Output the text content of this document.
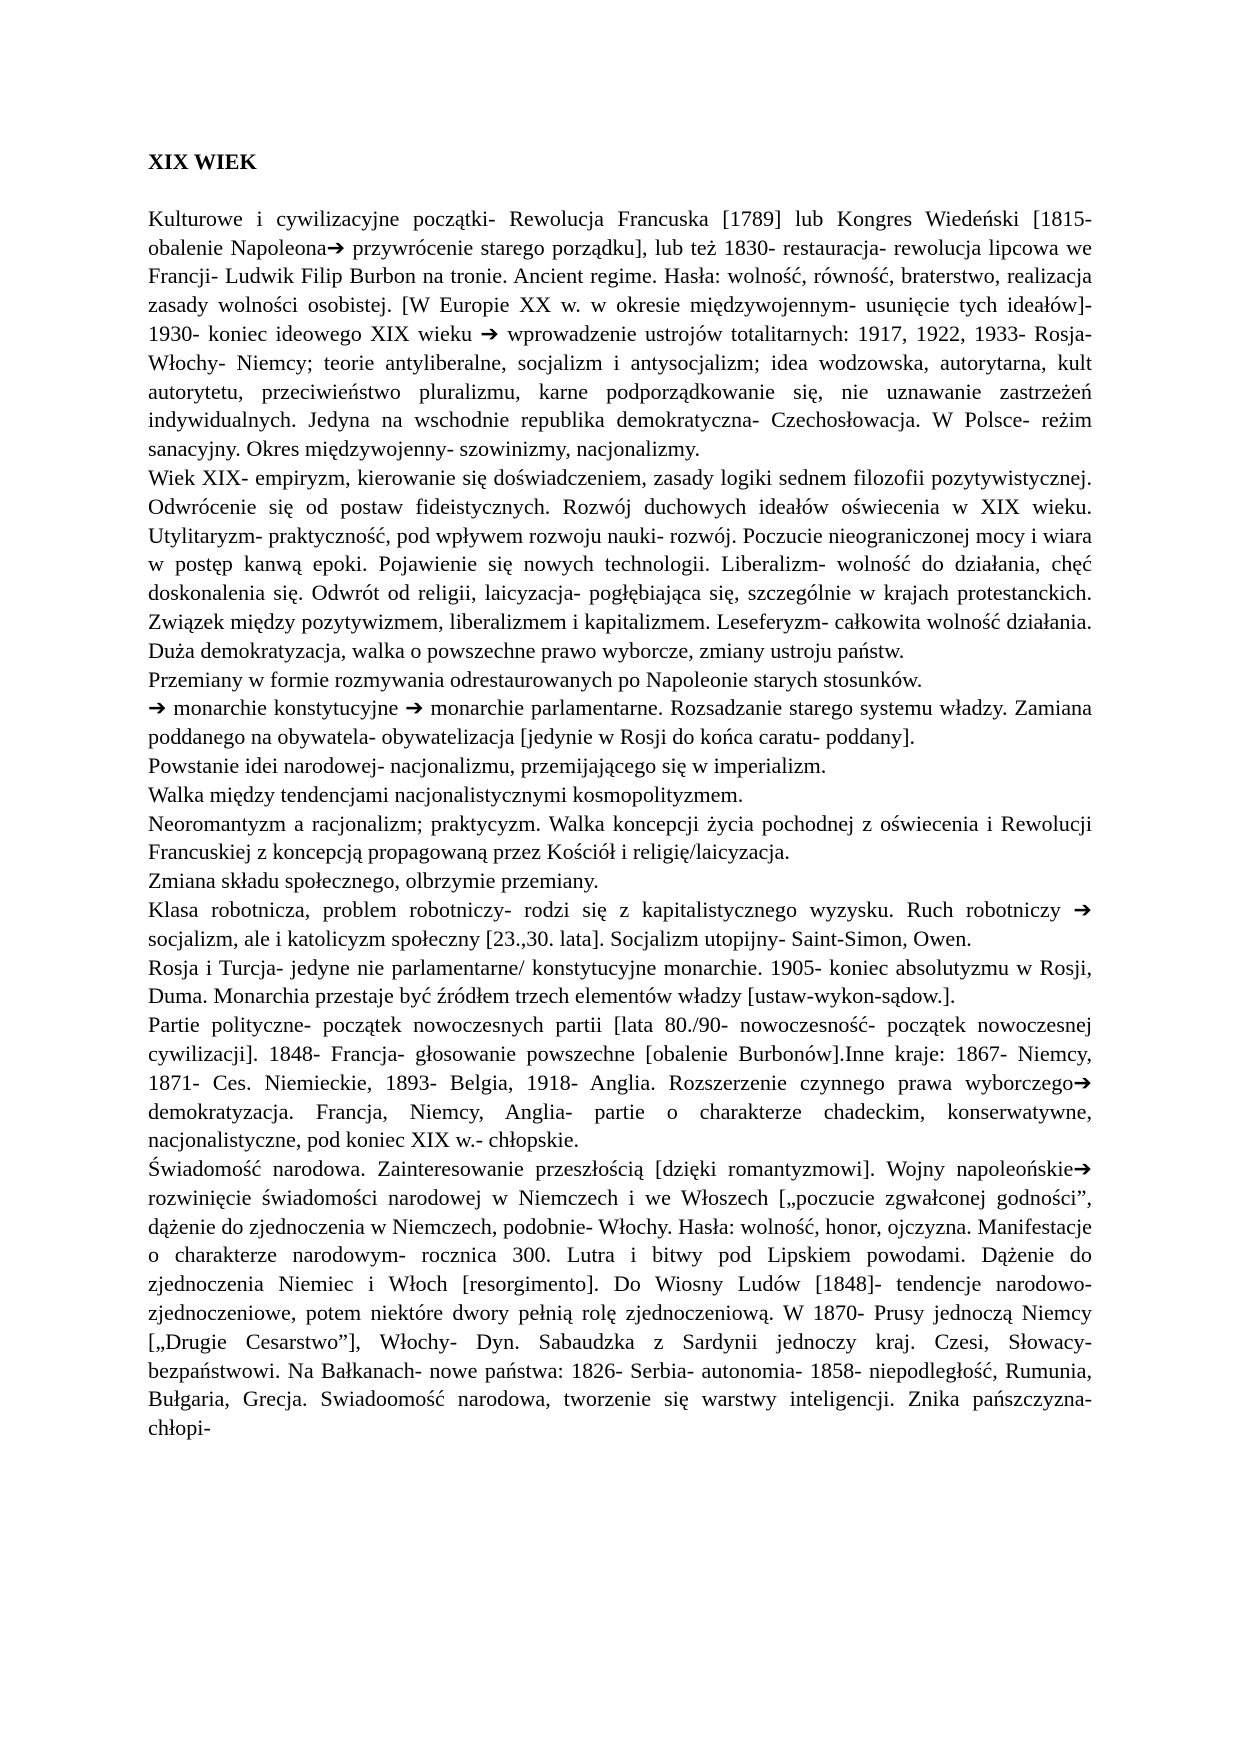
XIX WIEK

Kulturowe i cywilizacyjne początki- Rewolucja Francuska [1789] lub Kongres Wiedeński [1815- obalenie Napoleona➔ przywrócenie starego porządku], lub też 1830- restauracja- rewolucja lipcowa we Francji- Ludwik Filip Burbon na tronie. Ancient regime. Hasła: wolność, równość, braterstwo, realizacja zasady wolności osobistej. [W Europie XX w. w okresie międzywojennym- usunięcie tych ideałów]- 1930- koniec ideowego XIX wieku ➔ wprowadzenie ustrojów totalitarnych: 1917, 1922, 1933- Rosja- Włochy- Niemcy; teorie antyliberalne, socjalizm i antysocjalizm; idea wodzowska, autorytarna, kult autorytetu, przeciwieństwo pluralizmu, karne podporządkowanie się, nie uznawanie zastrzeżeń indywidualnych. Jedyna na wschodnie republika demokratyczna- Czechosłowacja. W Polsce- reżim sanacyjny. Okres międzywojenny- szowinizmy, nacjonalizmy.

Wiek XIX- empiryzm, kierowanie się doświadczeniem, zasady logiki sednem filozofii pozytywistycznej. Odwrócenie się od postaw fideistycznych. Rozwój duchowych ideałów oświecenia w XIX wieku. Utylitaryzm- praktyczność, pod wpływem rozwoju nauki- rozwój. Poczucie nieograniczonej mocy i wiara w postęp kanwą epoki. Pojawienie się nowych technologii. Liberalizm- wolność do działania, chęć doskonalenia się. Odwrót od religii, laicyzacja- pogłębiająca się, szczególnie w krajach protestanckich. Związek między pozytywizmem, liberalizmem i kapitalizmem. Leseferyzm- całkowita wolność działania. Duża demokratyzacja, walka o powszechne prawo wyborcze, zmiany ustroju państw.

Przemiany w formie rozmywania odrestaurowanych po Napoleonie starych stosunków.

➔ monarchie konstytucyjne ➔ monarchie parlamentarne. Rozsadzanie starego systemu władzy. Zamiana poddanego na obywatela- obywatelizacja [jedynie w Rosji do końca caratu- poddany].

Powstanie idei narodowej- nacjonalizmu, przemijającego się w imperializm.

Walka między tendencjami nacjonalistycznymi kosmopolityzmem.

Neoromantyzm a racjonalizm; praktycyzm. Walka koncepcji życia pochodnej z oświecenia i Rewolucji Francuskiej z koncepcją propagowaną przez Kościół i religię/laicyzacja.

Zmiana składu społecznego, olbrzymie przemiany.

Klasa robotnicza, problem robotniczy- rodzi się z kapitalistycznego wyzysku. Ruch robotniczy ➔ socjalizm, ale i katolicyzm społeczny [23.,30. lata]. Socjalizm utopijny- Saint-Simon, Owen.

Rosja i Turcja- jedyne nie parlamentarne/ konstytucyjne monarchie. 1905- koniec absolutyzmu w Rosji, Duma. Monarchia przestaje być źródłem trzech elementów władzy [ustaw-wykon-sądow.].

Partie polityczne- początek nowoczesnych partii [lata 80./90- nowoczesność- początek nowoczesnej cywilizacji]. 1848- Francja- głosowanie powszechne [obalenie Burbonów].Inne kraje: 1867- Niemcy, 1871- Ces. Niemieckie, 1893- Belgia, 1918- Anglia. Rozszerzenie czynnego prawa wyborczego➔ demokratyzacja. Francja, Niemcy, Anglia- partie o charakterze chadeckim, konserwatywne, nacjonalistyczne, pod koniec XIX w.- chłopskie.

Świadomość narodowa. Zainteresowanie przeszłością [dzięki romantyzmowi]. Wojny napoleońskie➔ rozwinięcie świadomości narodowej w Niemczech i we Włoszech [„poczucie zgwałconej godności”, dążenie do zjednoczenia w Niemczech, podobnie- Włochy. Hasła: wolność, honor, ojczyzna. Manifestacje o charakterze narodowym- rocznica 300. Lutra i bitwy pod Lipskiem powodami. Dążenie do zjednoczenia Niemiec i Włoch [resorgimento]. Do Wiosny Ludów [1848]- tendencje narodowo- zjednoczeniowe, potem niektóre dwory pełnią rolę zjednoczeniową. W 1870- Prusy jednoczą Niemcy [„Drugie Cesarstwo”], Włochy- Dyn. Sabaudzka z Sardynii jednoczy kraj. Czesi, Słowacy- bezpaństwowi. Na Bałkanach- nowe państwa: 1826- Serbia- autonomia- 1858- niepodległość, Rumunia, Bułgaria, Grecja. Swiadoomość narodowa, tworzenie się warstwy inteligencji. Znika pańszczyzna- chłopi-
